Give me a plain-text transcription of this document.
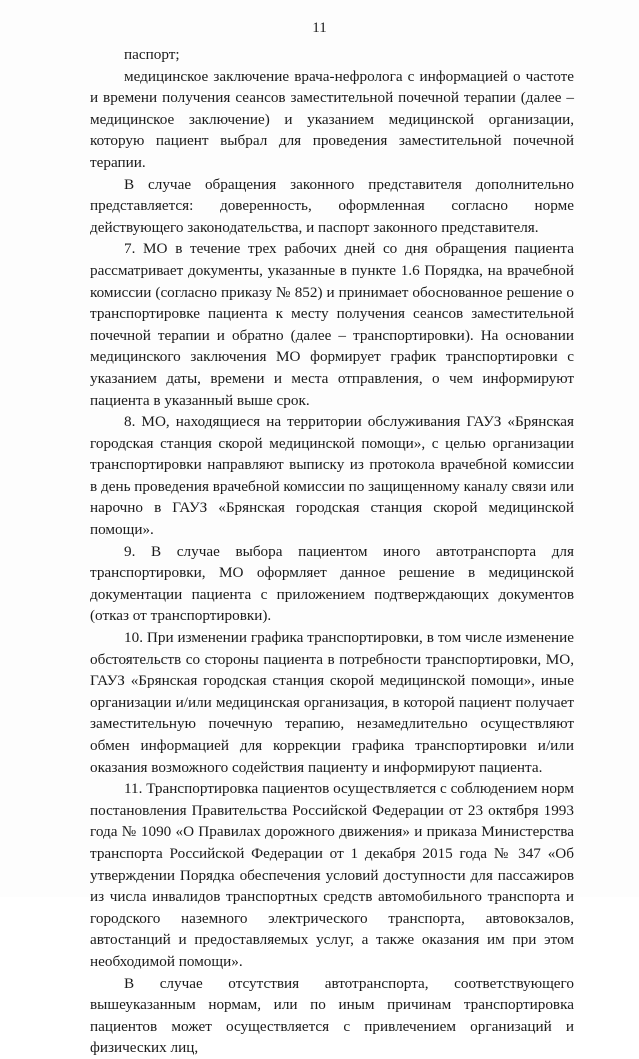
11

паспорт;

медицинское заключение врача-нефролога с информацией о частоте и времени получения сеансов заместительной почечной терапии (далее – медицинское заключение) и указанием медицинской организации, которую пациент выбрал для проведения заместительной почечной терапии.

В случае обращения законного представителя дополнительно представляется: доверенность, оформленная согласно норме действующего законодательства, и паспорт законного представителя.

7. МО в течение трех рабочих дней со дня обращения пациента рассматривает документы, указанные в пункте 1.6 Порядка, на врачебной комиссии (согласно приказу № 852) и принимает обоснованное решение о транспортировке пациента к месту получения сеансов заместительной почечной терапии и обратно (далее – транспортировки). На основании медицинского заключения МО формирует график транспортировки с указанием даты, времени и места отправления, о чем информируют пациента в указанный выше срок.

8. МО, находящиеся на территории обслуживания ГАУЗ «Брянская городская станция скорой медицинской помощи», с целью организации транспортировки направляют выписку из протокола врачебной комиссии в день проведения врачебной комиссии по защищенному каналу связи или нарочно в ГАУЗ «Брянская городская станция скорой медицинской помощи».

9. В случае выбора пациентом иного автотранспорта для транспортировки, МО оформляет данное решение в медицинской документации пациента с приложением подтверждающих документов (отказ от транспортировки).

10. При изменении графика транспортировки, в том числе изменение обстоятельств со стороны пациента в потребности транспортировки, МО, ГАУЗ «Брянская городская станция скорой медицинской помощи», иные организации и/или медицинская организация, в которой пациент получает заместительную почечную терапию, незамедлительно осуществляют обмен информацией для коррекции графика транспортировки и/или оказания возможного содействия пациенту и информируют пациента.

11. Транспортировка пациентов осуществляется с соблюдением норм постановления Правительства Российской Федерации от 23 октября 1993 года № 1090 «О Правилах дорожного движения» и приказа Министерства транспорта Российской Федерации от 1 декабря 2015 года № 347 «Об утверждении Порядка обеспечения условий доступности для пассажиров из числа инвалидов транспортных средств автомобильного транспорта и городского наземного электрического транспорта, автовокзалов, автостанций и предоставляемых услуг, а также оказания им при этом необходимой помощи».

В случае отсутствия автотранспорта, соответствующего вышеуказанным нормам, или по иным причинам транспортировка пациентов может осуществляется с привлечением организаций и физических лиц,
